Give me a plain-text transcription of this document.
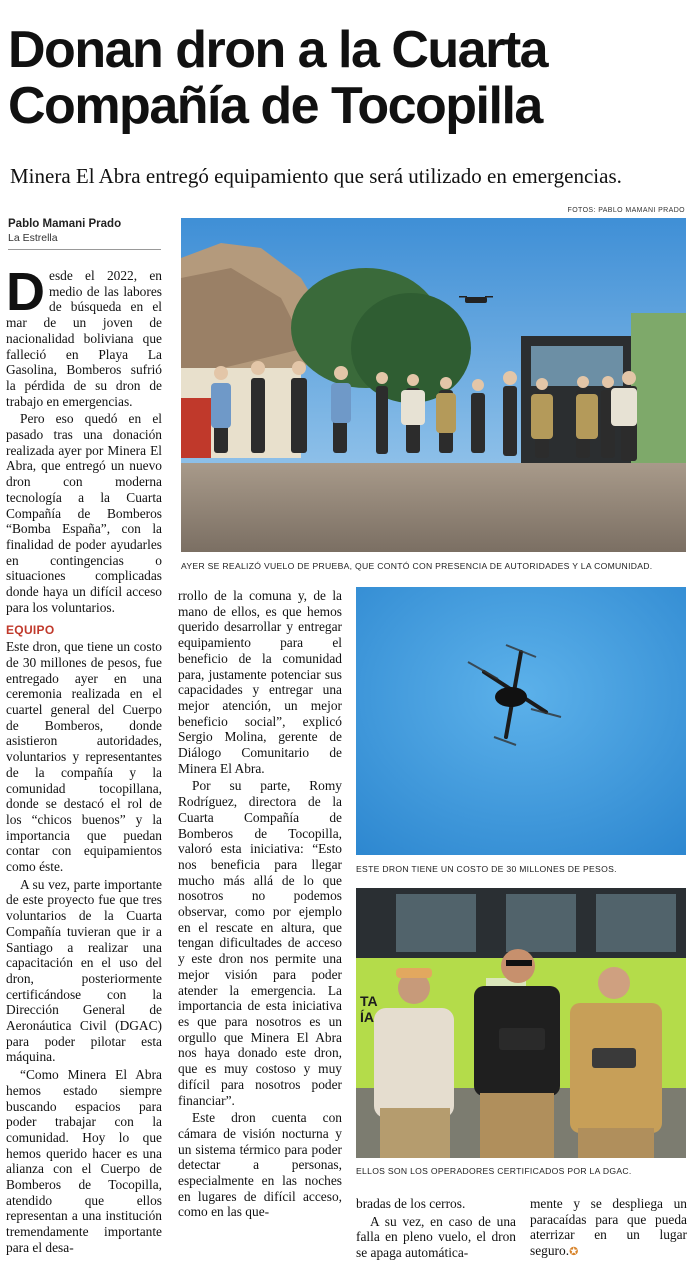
Donan dron a la Cuarta Compañía de Tocopilla
Minera El Abra entregó equipamiento que será utilizado en emergencias.
FOTOS: PABLO MAMANI PRADO
Pablo Mamani Prado
La Estrella

Desde el 2022, en medio de las labores de búsqueda en el mar de un joven de nacionalidad boliviana que falleció en Playa La Gasolina, Bomberos sufrió la pérdida de su dron de trabajo en emergencias.

Pero eso quedó en el pasado tras una donación realizada ayer por Minera El Abra, que entregó un nuevo dron con moderna tecnología a la Cuarta Compañía de Bomberos “Bomba España”, con la finalidad de poder ayudarles en contingencias o situaciones complicadas donde haya un difícil acceso para los voluntarios.

EQUIPO

Este dron, que tiene un costo de 30 millones de pesos, fue entregado ayer en una ceremonia realizada en el cuartel general del Cuerpo de Bomberos, donde asistieron autoridades, voluntarios y representantes de la compañía y la comunidad tocopillana, donde se destacó el rol de los “chicos buenos” y la importancia que puedan contar con equipamientos como éste.

A su vez, parte importante de este proyecto fue que tres voluntarios de la Cuarta Compañía tuvieran que ir a Santiago a realizar una capacitación en el uso del dron, posteriormente certificándose con la Dirección General de Aeronáutica Civil (DGAC) para poder pilotar esta máquina.

“Como Minera El Abra hemos estado siempre buscando espacios para poder trabajar con la comunidad. Hoy lo que hemos querido hacer es una alianza con el Cuerpo de Bomberos de Tocopilla, atendido que ellos representan a una institución tremendamente importante para el desa-

rrollo de la comuna y, de la mano de ellos, es que hemos querido desarrollar y entregar equipamiento para el beneficio de la comunidad para, justamente potenciar sus capacidades y entregar una mejor atención, un mejor beneficio social”, explicó Sergio Molina, gerente de Diálogo Comunitario de Minera El Abra.

Por su parte, Romy Rodríguez, directora de la Cuarta Compañía de Bomberos de Tocopilla, valoró esta iniciativa: “Esto nos beneficia para llegar mucho más allá de lo que nosotros no podemos observar, como por ejemplo en el rescate en altura, que tengan dificultades de acceso y este dron nos permite una mejor visión para poder atender la emergencia. La importancia de esta iniciativa es que para nosotros es un orgullo que Minera El Abra nos haya donado este dron, que es muy costoso y muy difícil para nosotros poder financiar”.

Este dron cuenta con cámara de visión nocturna y un sistema térmico para poder detectar a personas, especialmente en las noches en lugares de difícil acceso, como en las que-

bradas de los cerros.

A su vez, en caso de una falla en pleno vuelo, el dron se apaga automática-

mente y se despliega un paracaídas para que pueda aterrizar en un lugar seguro.✪

AYER SE REALIZÓ VUELO DE PRUEBA, QUE CONTÓ CON PRESENCIA DE AUTORIDADES Y LA COMUNIDAD.
ESTE DRON TIENE UN COSTO DE 30 MILLONES DE PESOS.
TA
ÍA
ELLOS SON LOS OPERADORES CERTIFICADOS POR LA DGAC.
